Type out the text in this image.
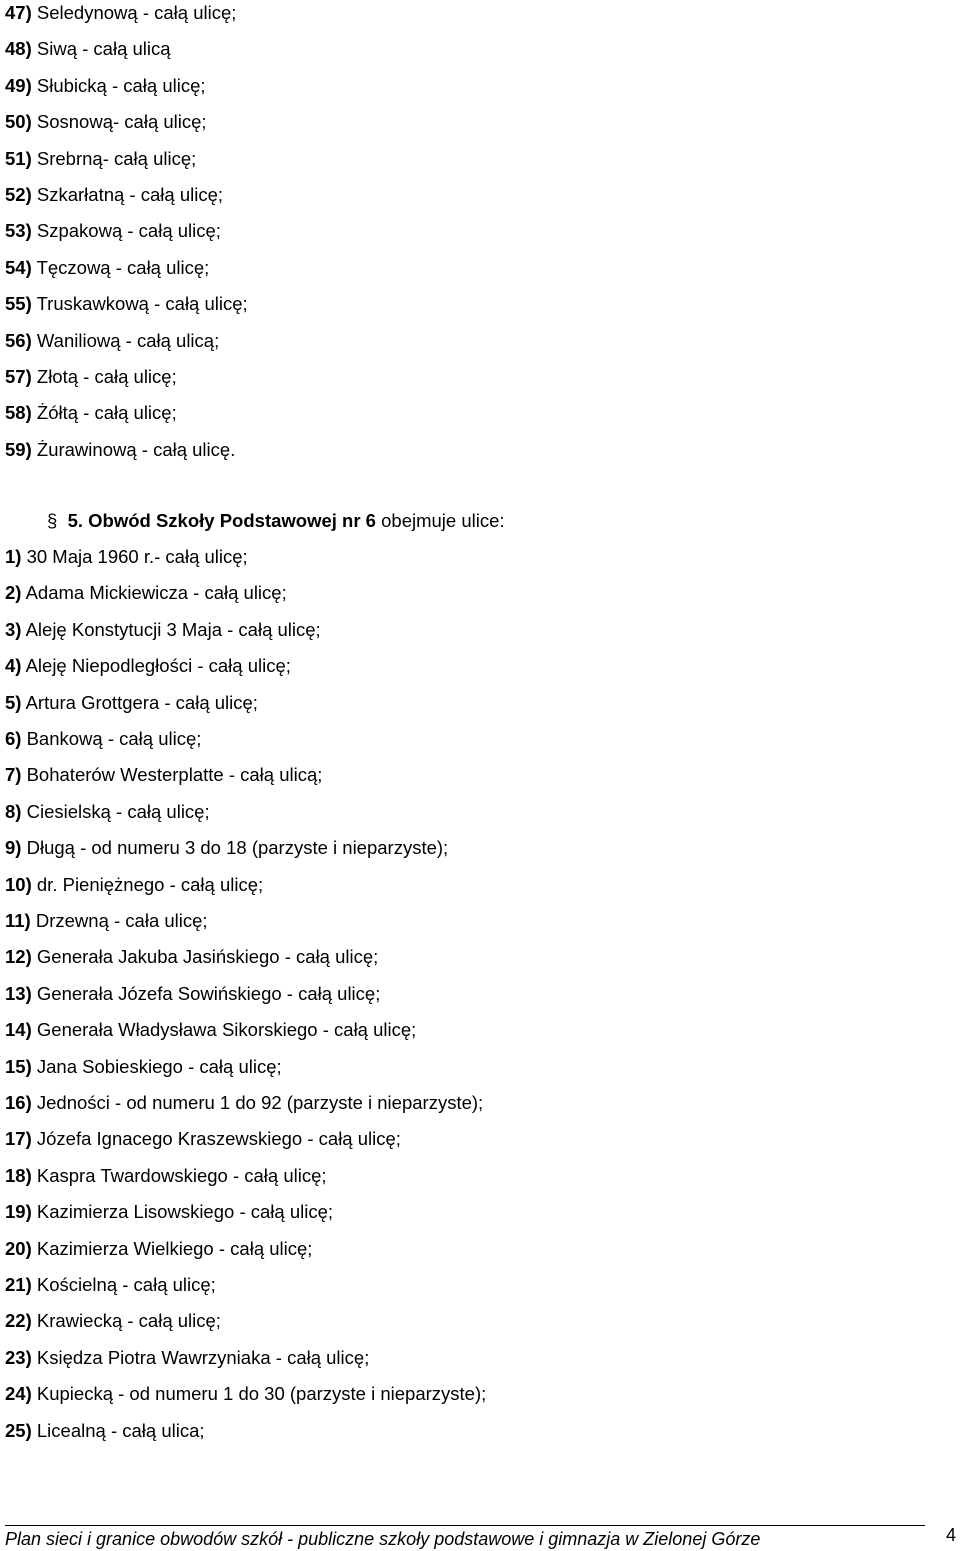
47) Seledynową - całą ulicę;
48) Siwą - całą ulicą
49) Słubicką - całą ulicę;
50) Sosnową- całą ulicę;
51) Srebrną- całą ulicę;
52) Szkarłatną - całą ulicę;
53) Szpakową - całą ulicę;
54) Tęczową - całą ulicę;
55) Truskawkową - całą ulicę;
56) Waniliową - całą ulicą;
57) Złotą - całą ulicę;
58) Żółtą - całą ulicę;
59) Żurawinową - całą ulicę.
§ 5. Obwód Szkoły Podstawowej nr 6 obejmuje ulice:
1) 30 Maja 1960 r.- całą ulicę;
2) Adama Mickiewicza - całą ulicę;
3) Aleję Konstytucji 3 Maja - całą ulicę;
4) Aleję Niepodległości - całą ulicę;
5) Artura Grottgera - całą ulicę;
6) Bankową - całą ulicę;
7) Bohaterów Westerplatte - całą ulicą;
8) Ciesielską - całą ulicę;
9) Długą - od numeru 3 do 18 (parzyste i nieparzyste);
10) dr. Pieniężnego - całą ulicę;
11) Drzewną - cała ulicę;
12) Generała Jakuba Jasińskiego - całą ulicę;
13) Generała Józefa Sowińskiego - całą ulicę;
14) Generała Władysława Sikorskiego - całą ulicę;
15) Jana Sobieskiego - całą ulicę;
16) Jedności - od numeru 1 do 92 (parzyste i nieparzyste);
17) Józefa Ignacego Kraszewskiego - całą ulicę;
18) Kaspra Twardowskiego - całą ulicę;
19) Kazimierza Lisowskiego - całą ulicę;
20) Kazimierza Wielkiego - całą ulicę;
21) Kościelną - całą ulicę;
22) Krawiecką - całą ulicę;
23) Księdza Piotra Wawrzyniaka - całą ulicę;
24) Kupiecką - od numeru 1 do 30 (parzyste i nieparzyste);
25) Licealną - całą ulica;
Plan sieci i granice obwodów szkół - publiczne szkoły podstawowe i gimnazja w Zielonej Górze	4
